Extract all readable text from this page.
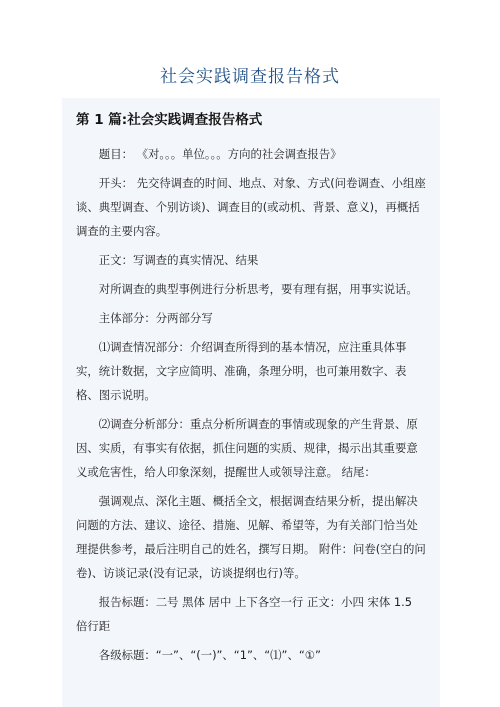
社会实践调查报告格式
第 1 篇:社会实践调查报告格式

题目： 《对。。。单位。。。方向的社会调查报告》

开头： 先交待调查的时间、地点、对象、方式(问卷调查、小组座谈、典型调查、个别访谈)、调查目的(或动机、背景、意义)，再概括调查的主要内容。

正文：写调查的真实情况、结果

对所调查的典型事例进行分析思考，要有理有据，用事实说话。

主体部分：分两部分写

⑴调查情况部分：介绍调查所得到的基本情况，应注重具体事实，统计数据，文字应简明、准确，条理分明，也可兼用数字、表格、图示说明。

⑵调查分析部分：重点分析所调查的事情或现象的产生背景、原因、实质，有事实有依据，抓住问题的实质、规律，揭示出其重要意义或危害性，给人印象深刻，提醒世人或领导注意。 结尾：

强调观点、深化主题、概括全文，根据调查结果分析，提出解决问题的方法、建议、途径、措施、见解、希望等，为有关部门恰当处理提供参考，最后注明自己的姓名，撰写日期。 附件：问卷(空白的问卷)、访谈记录(没有记录，访谈提纲也行)等。

报告标题：二号 黑体 居中 上下各空一行 正文：小四 宋体 1.5 倍行距

各级标题：“一”、“(一)”、“1”、“⑴”、“①”
